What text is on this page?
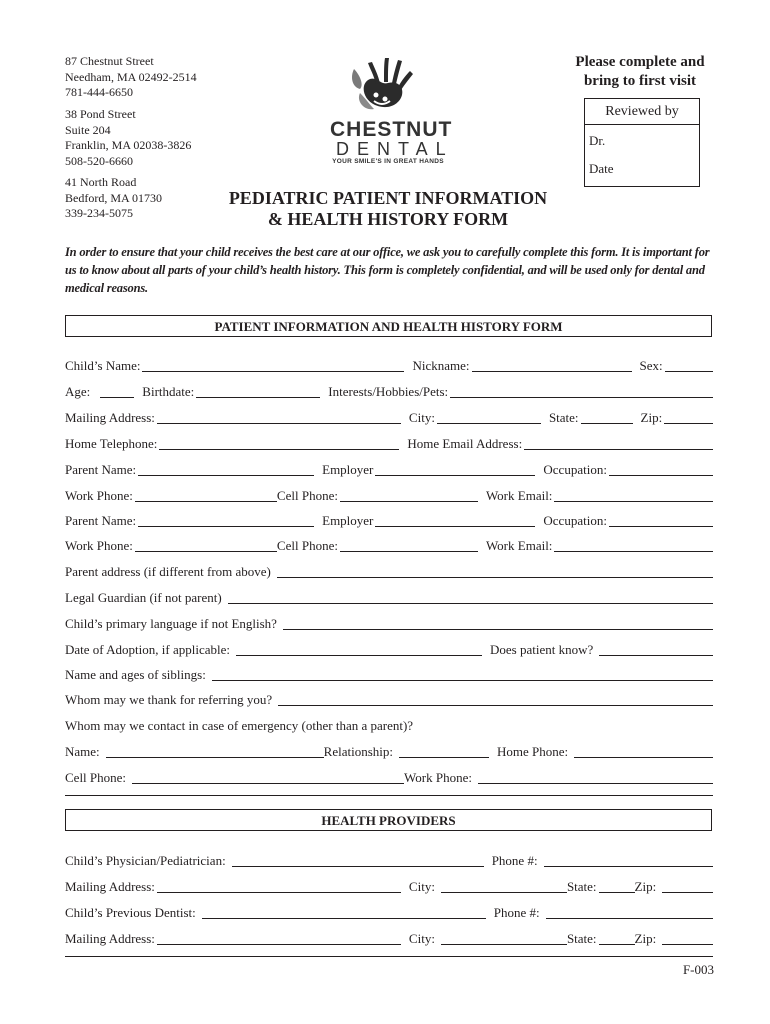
87 Chestnut Street
Needham, MA 02492-2514
781-444-6650
38 Pond Street
Suite 204
Franklin, MA 02038-3826
508-520-6660
41 North Road
Bedford, MA 01730
339-234-5075
CHESTNUT
DENTAL
YOUR SMILE'S IN GREAT HANDS
Please complete and
bring to first visit
Reviewed by
Dr.
Date
PEDIATRIC PATIENT INFORMATION
& HEALTH HISTORY FORM
In order to ensure that your child receives the best care at our office, we ask you to carefully complete this form. It is important for us to know about all parts of your child’s health history. This form is completely confidential, and will be used only for dental and medical reasons.
PATIENT INFORMATION AND HEALTH HISTORY FORM
Child’s Name:	Nickname:	Sex:
Age:	Birthdate:	Interests/Hobbies/Pets:
Mailing Address:	City:	State:	Zip:
Home Telephone:	Home Email Address:
Parent Name:	Employer	Occupation:
Work Phone:	Cell Phone:	Work Email:
Parent Name:	Employer	Occupation:
Work Phone:	Cell Phone:	Work Email:
Parent address (if different from above)
Legal Guardian (if not parent)
Child’s primary language if not English?
Date of Adoption, if applicable:	Does patient know?
Name and ages of siblings:
Whom may we thank for referring you?
Whom may we contact in case of emergency (other than a parent)?
Name:	Relationship:	Home Phone:
Cell Phone:	Work Phone:
HEALTH PROVIDERS
Child’s Physician/Pediatrician:	Phone #:
Mailing Address:	City:	State:	Zip:
Child’s Previous Dentist:	Phone #:
Mailing Address:	City:	State:	Zip:
F-003
